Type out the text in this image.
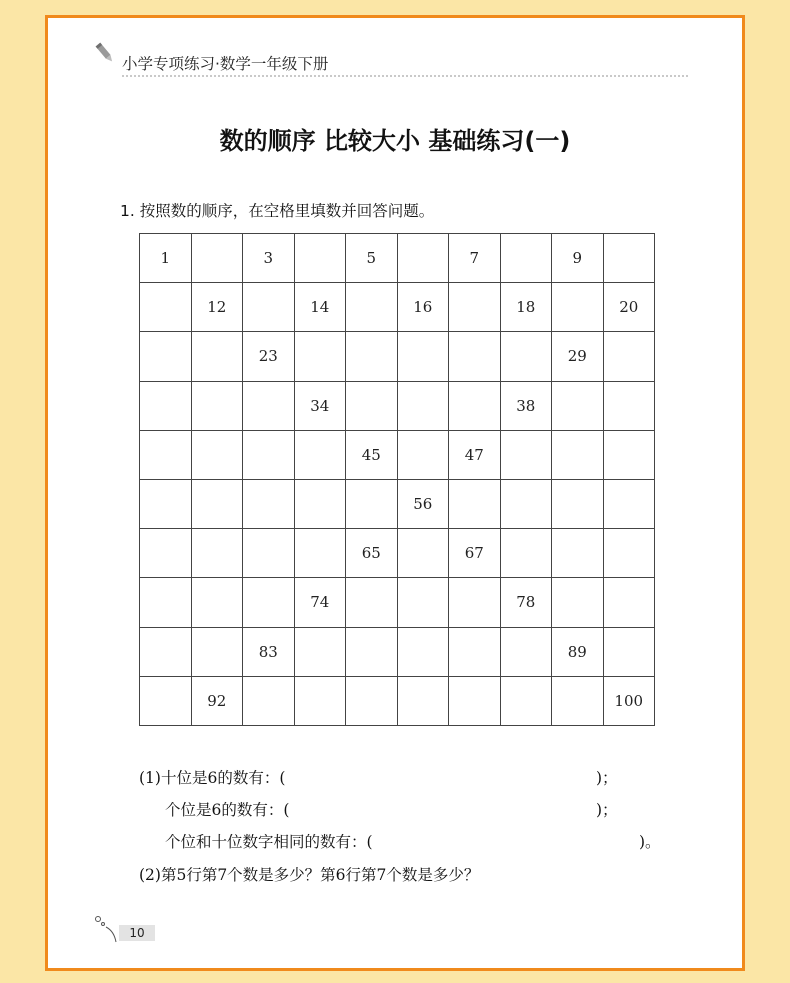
小学专项练习·数学一年级下册
数的顺序 比较大小 基础练习(一)
1. 按照数的顺序，在空格里填数并回答问题。
1		3		5		7		9	
	12		14		16		18		20
		23						29	
			34				38		
				45		47			
					56				
				65		67			
			74				78		
		83						89	
	92								100
(1)十位是6的数有：(	)；
个位是6的数有：(	)；
个位和十位数字相同的数有：(	)。
(2)第5行第7个数是多少？第6行第7个数是多少？
10
